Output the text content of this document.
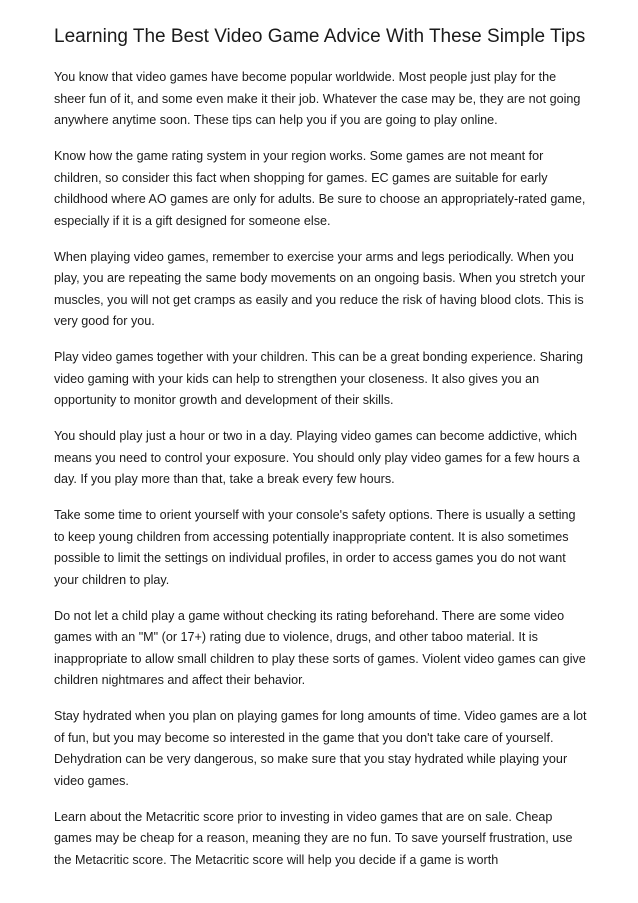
Learning The Best Video Game Advice With These Simple Tips

You know that video games have become popular worldwide. Most people just play for the sheer fun of it, and some even make it their job. Whatever the case may be, they are not going anywhere anytime soon. These tips can help you if you are going to play online.

Know how the game rating system in your region works. Some games are not meant for children, so consider this fact when shopping for games. EC games are suitable for early childhood where AO games are only for adults. Be sure to choose an appropriately-rated game, especially if it is a gift designed for someone else.

When playing video games, remember to exercise your arms and legs periodically. When you play, you are repeating the same body movements on an ongoing basis. When you stretch your muscles, you will not get cramps as easily and you reduce the risk of having blood clots. This is very good for you.

Play video games together with your children. This can be a great bonding experience. Sharing video gaming with your kids can help to strengthen your closeness. It also gives you an opportunity to monitor growth and development of their skills.

You should play just a hour or two in a day. Playing video games can become addictive, which means you need to control your exposure. You should only play video games for a few hours a day. If you play more than that, take a break every few hours.

Take some time to orient yourself with your console's safety options. There is usually a setting to keep young children from accessing potentially inappropriate content. It is also sometimes possible to limit the settings on individual profiles, in order to access games you do not want your children to play.

Do not let a child play a game without checking its rating beforehand. There are some video games with an "M" (or 17+) rating due to violence, drugs, and other taboo material. It is inappropriate to allow small children to play these sorts of games. Violent video games can give children nightmares and affect their behavior.

Stay hydrated when you plan on playing games for long amounts of time. Video games are a lot of fun, but you may become so interested in the game that you don't take care of yourself. Dehydration can be very dangerous, so make sure that you stay hydrated while playing your video games.

Learn about the Metacritic score prior to investing in video games that are on sale. Cheap games may be cheap for a reason, meaning they are no fun. To save yourself frustration, use the Metacritic score. The Metacritic score will help you decide if a game is worth
